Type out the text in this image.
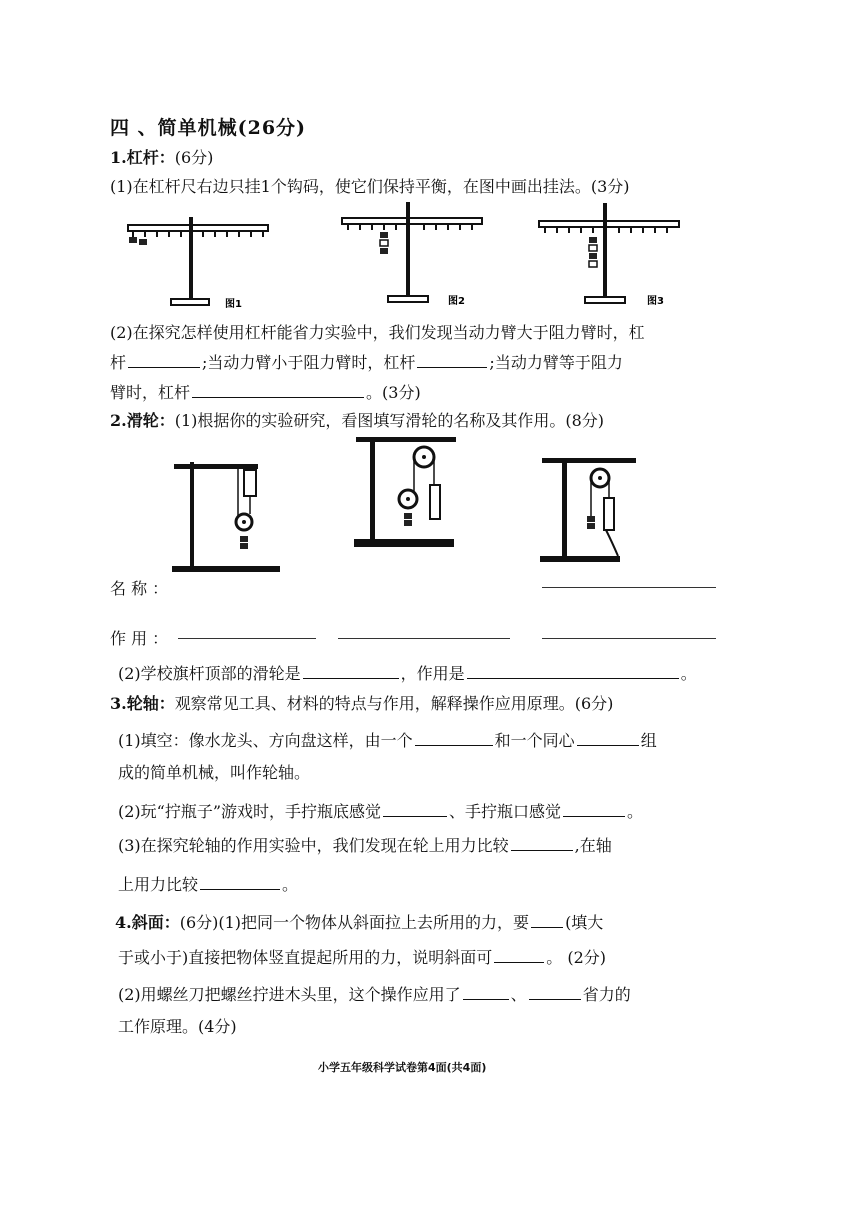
四 、简单机械(26分)
1.杠杆：(6分)
(1)在杠杆尺右边只挂1个钩码，使它们保持平衡，在图中画出挂法。(3分)
图1	图2	图3
(2)在探究怎样使用杠杆能省力实验中，我们发现当动力臂大于阻力臂时，杠
杆	;当动力臂小于阻力臂时，杠杆	;当动力臂等于阻力
臂时，杠杆	。(3分)
2.滑轮：(1)根据你的实验研究，看图填写滑轮的名称及其作用。(8分)
名 称 ：
作 用 ：
(2)学校旗杆顶部的滑轮是	，作用是	。
3.轮轴：观察常见工具、材料的特点与作用，解释操作应用原理。(6分)
(1)填空：像水龙头、方向盘这样，由一个	和一个同心	组
成的简单机械，叫作轮轴。
(2)玩“拧瓶子”游戏时，手拧瓶底感觉	、手拧瓶口感觉	。
(3)在探究轮轴的作用实验中，我们发现在轮上用力比较	,在轴
上用力比较	。
4.斜面：(6分)(1)把同一个物体从斜面拉上去所用的力，要 (填大
于或小于)直接把物体竖直提起所用的力，说明斜面可	。 (2分)
(2)用螺丝刀把螺丝拧进木头里，这个操作应用了	、	省力的
工作原理。(4分)
小学五年级科学试卷第4面(共4面)
